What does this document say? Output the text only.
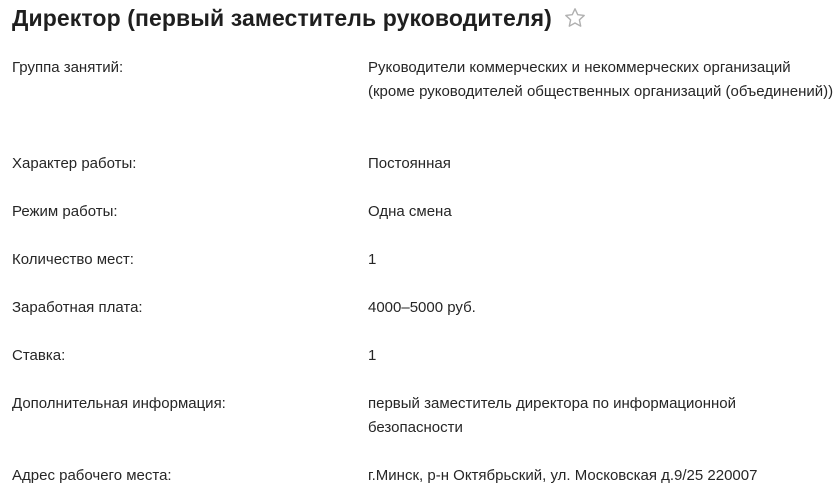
Директор (первый заместитель руководителя)
Группа занятий:	Руководители коммерческих и некоммерческих организаций (кроме руководителей общественных организаций (объединений))
Характер работы:	Постоянная
Режим работы:	Одна смена
Количество мест:	1
Заработная плата:	4000–5000 руб.
Ставка:	1
Дополнительная информация:	первый заместитель директора по информационной безопасности
Адрес рабочего места:	г.Минск, р-н Октябрьский, ул. Московская д.9/25 220007
